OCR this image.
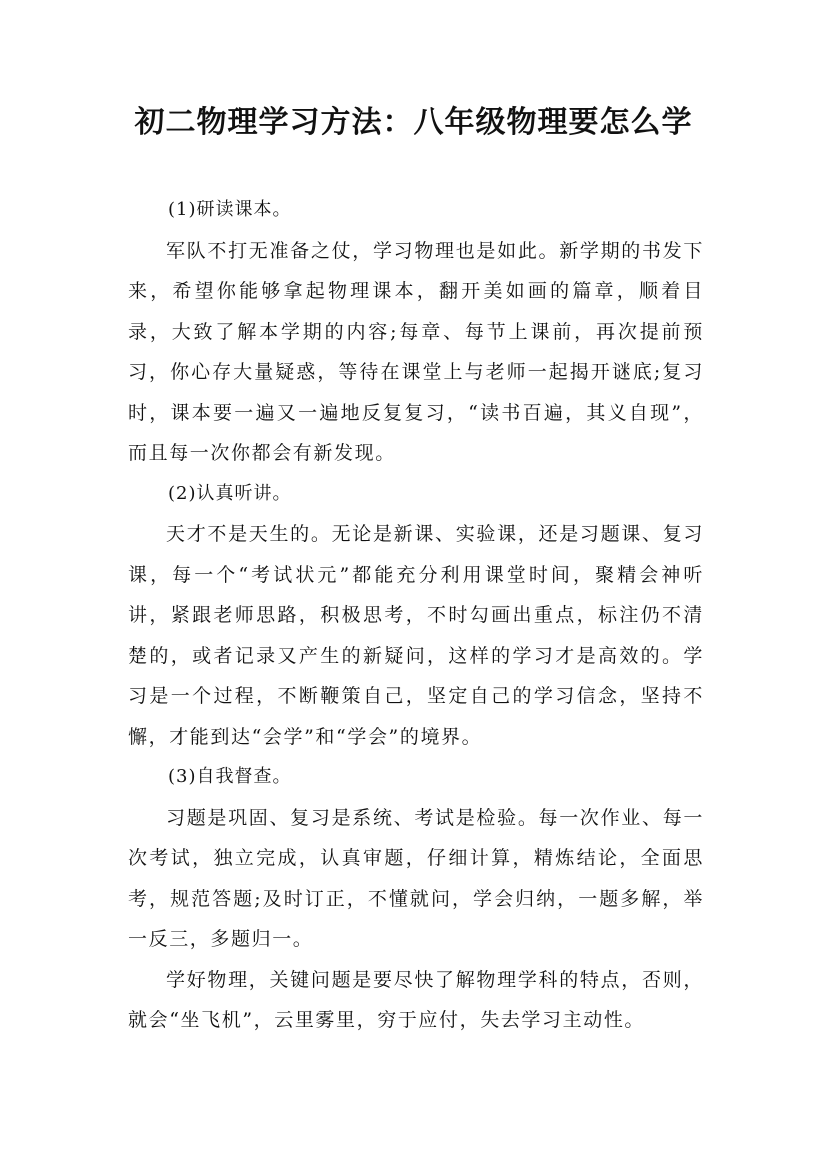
初二物理学习方法：八年级物理要怎么学

(1)研读课本。

军队不打无准备之仗，学习物理也是如此。新学期的书发下来，希望你能够拿起物理课本，翻开美如画的篇章，顺着目录，大致了解本学期的内容;每章、每节上课前，再次提前预习，你心存大量疑惑，等待在课堂上与老师一起揭开谜底;复习时，课本要一遍又一遍地反复复习，“读书百遍，其义自现”，而且每一次你都会有新发现。

(2)认真听讲。

天才不是天生的。无论是新课、实验课，还是习题课、复习课，每一个“考试状元”都能充分利用课堂时间，聚精会神听讲，紧跟老师思路，积极思考，不时勾画出重点，标注仍不清楚的，或者记录又产生的新疑问，这样的学习才是高效的。学习是一个过程，不断鞭策自己，坚定自己的学习信念，坚持不懈，才能到达“会学”和“学会”的境界。

(3)自我督查。

习题是巩固、复习是系统、考试是检验。每一次作业、每一次考试，独立完成，认真审题，仔细计算，精炼结论，全面思考，规范答题;及时订正，不懂就问，学会归纳，一题多解，举一反三，多题归一。

学好物理，关键问题是要尽快了解物理学科的特点，否则，就会“坐飞机”，云里雾里，穷于应付，失去学习主动性。
